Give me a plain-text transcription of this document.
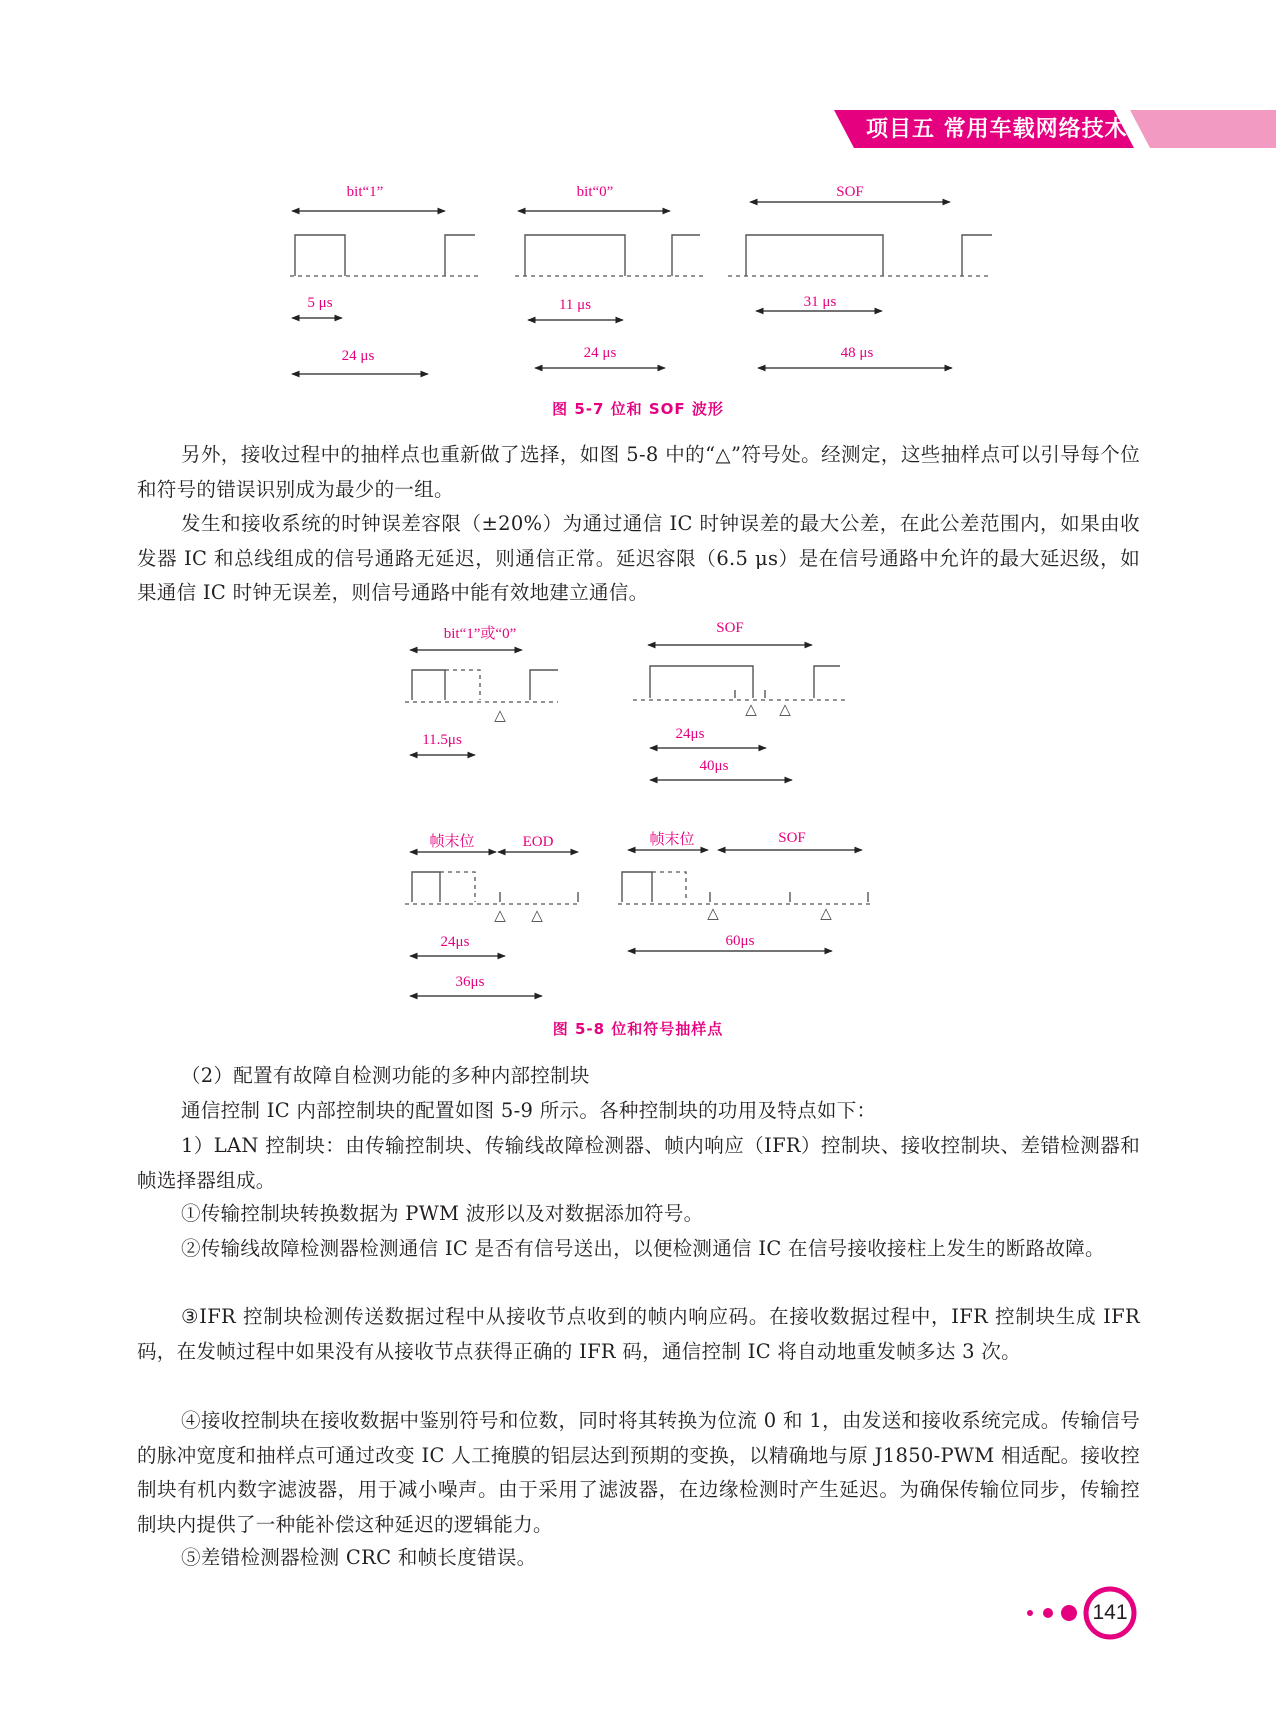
项目五 常用车载网络技术
bit“1”
5 μs
24 μs
bit“0”
11 μs
24 μs
SOF
31 μs
48 μs
图 5-7 位和 SOF 波形

另外，接收过程中的抽样点也重新做了选择，如图 5-8 中的“△”符号处。经测定，这些抽样点可以引导每个位和符号的错误识别成为最少的一组。

发生和接收系统的时钟误差容限（±20%）为通过通信 IC 时钟误差的最大公差，在此公差范围内，如果由收发器 IC 和总线组成的信号通路无延迟，则通信正常。延迟容限（6.5 μs）是在信号通路中允许的最大延迟级，如果通信 IC 时钟无误差，则信号通路中能有效地建立通信。

bit“1”或“0”
△
11.5μs
SOF
△ △
24μs
40μs
帧末位	EOD
△ △
24μs
36μs
帧末位	SOF
△	△
60μs
图 5-8 位和符号抽样点

（2）配置有故障自检测功能的多种内部控制块

通信控制 IC 内部控制块的配置如图 5-9 所示。各种控制块的功用及特点如下：

1）LAN 控制块：由传输控制块、传输线故障检测器、帧内响应（IFR）控制块、接收控制块、差错检测器和帧选择器组成。

①传输控制块转换数据为 PWM 波形以及对数据添加符号。

②传输线故障检测器检测通信 IC 是否有信号送出，以便检测通信 IC 在信号接收接柱上发生的断路故障。

③IFR 控制块检测传送数据过程中从接收节点收到的帧内响应码。在接收数据过程中，IFR 控制块生成 IFR 码，在发帧过程中如果没有从接收节点获得正确的 IFR 码，通信控制 IC 将自动地重发帧多达 3 次。

④接收控制块在接收数据中鉴别符号和位数，同时将其转换为位流 0 和 1，由发送和接收系统完成。传输信号的脉冲宽度和抽样点可通过改变 IC 人工掩膜的铝层达到预期的变换，以精确地与原 J1850-PWM 相适配。接收控制块有机内数字滤波器，用于减小噪声。由于采用了滤波器，在边缘检测时产生延迟。为确保传输位同步，传输控制块内提供了一种能补偿这种延迟的逻辑能力。

⑤差错检测器检测 CRC 和帧长度错误。

141
